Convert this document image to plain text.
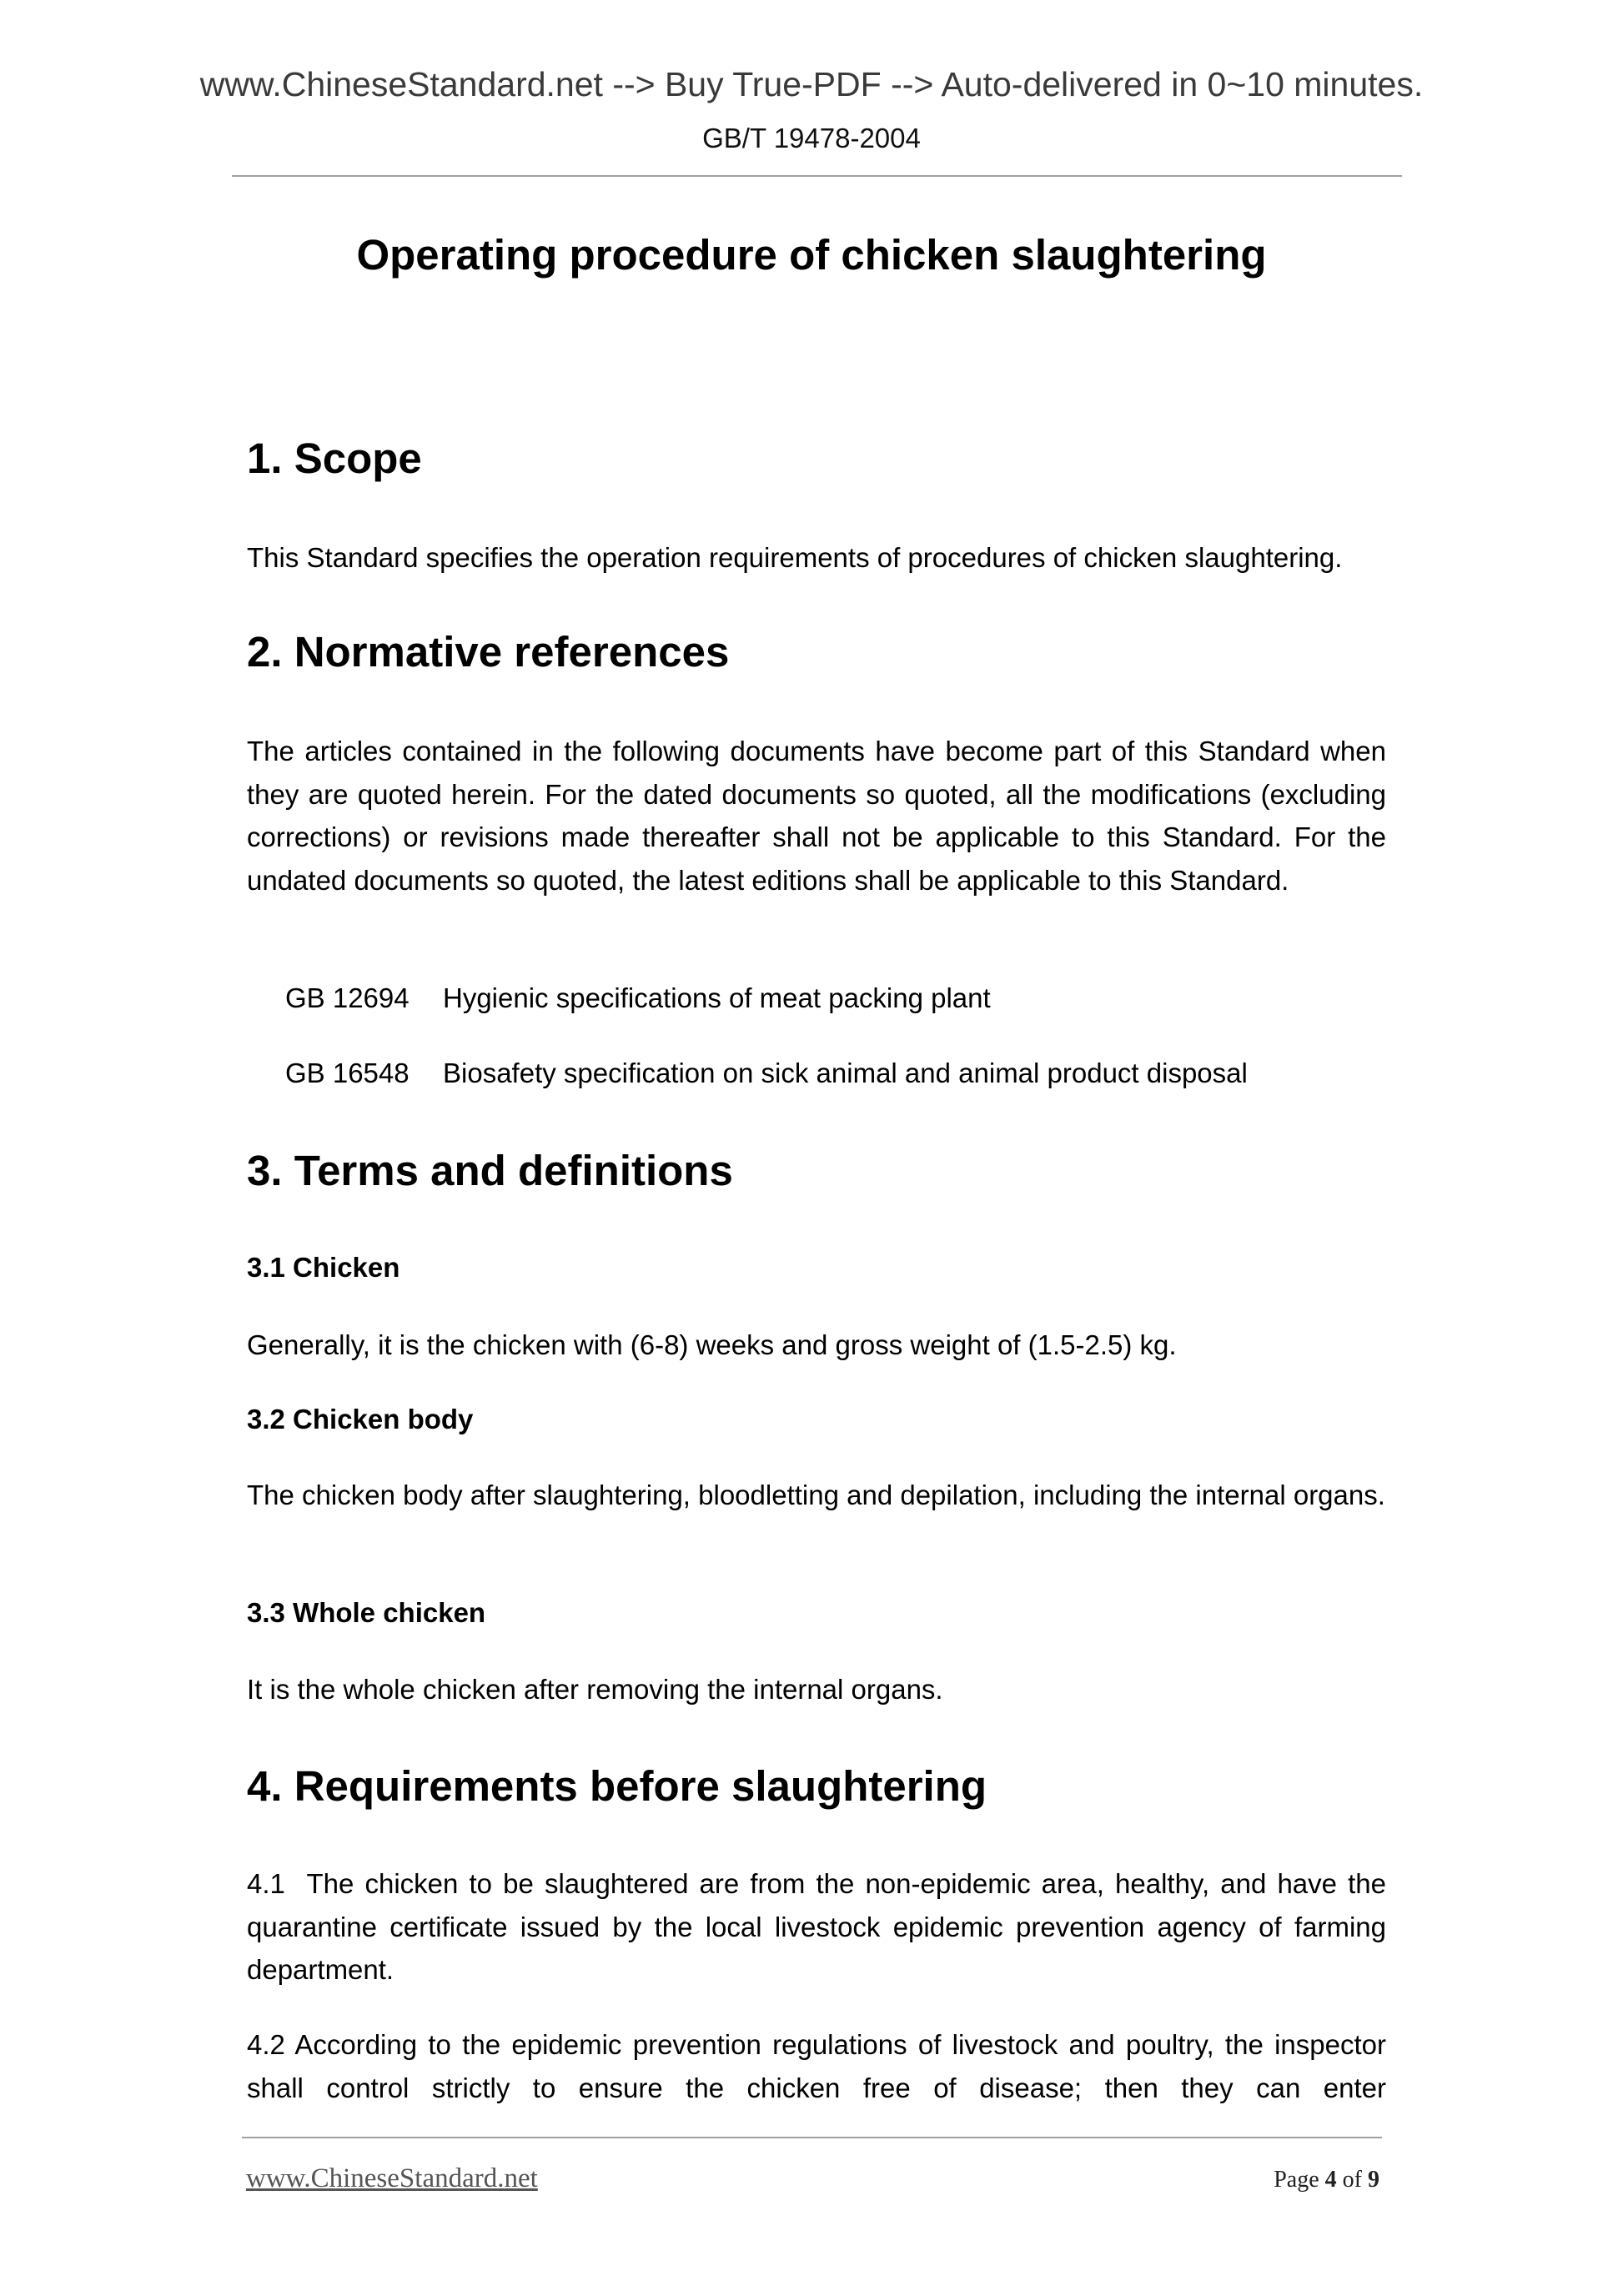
www.ChineseStandard.net --> Buy True-PDF --> Auto-delivered in 0~10 minutes.
GB/T 19478-2004
Operating procedure of chicken slaughtering
1. Scope
This Standard specifies the operation requirements of procedures of chicken slaughtering.
2. Normative references
The articles contained in the following documents have become part of this Standard when they are quoted herein. For the dated documents so quoted, all the modifications (excluding corrections) or revisions made thereafter shall not be applicable to this Standard. For the undated documents so quoted, the latest editions shall be applicable to this Standard.
GB 12694 Hygienic specifications of meat packing plant
GB 16548 Biosafety specification on sick animal and animal product disposal
3. Terms and definitions
3.1 Chicken
Generally, it is the chicken with (6-8) weeks and gross weight of (1.5-2.5) kg.
3.2 Chicken body
The chicken body after slaughtering, bloodletting and depilation, including the internal organs.
3.3 Whole chicken
It is the whole chicken after removing the internal organs.
4. Requirements before slaughtering
4.1  The chicken to be slaughtered are from the non-epidemic area, healthy, and have the quarantine certificate issued by the local livestock epidemic prevention agency of farming department.
4.2 According to the epidemic prevention regulations of livestock and poultry, the inspector shall control strictly to ensure the chicken free of disease; then they can enter
www.ChineseStandard.net	Page 4 of 9
